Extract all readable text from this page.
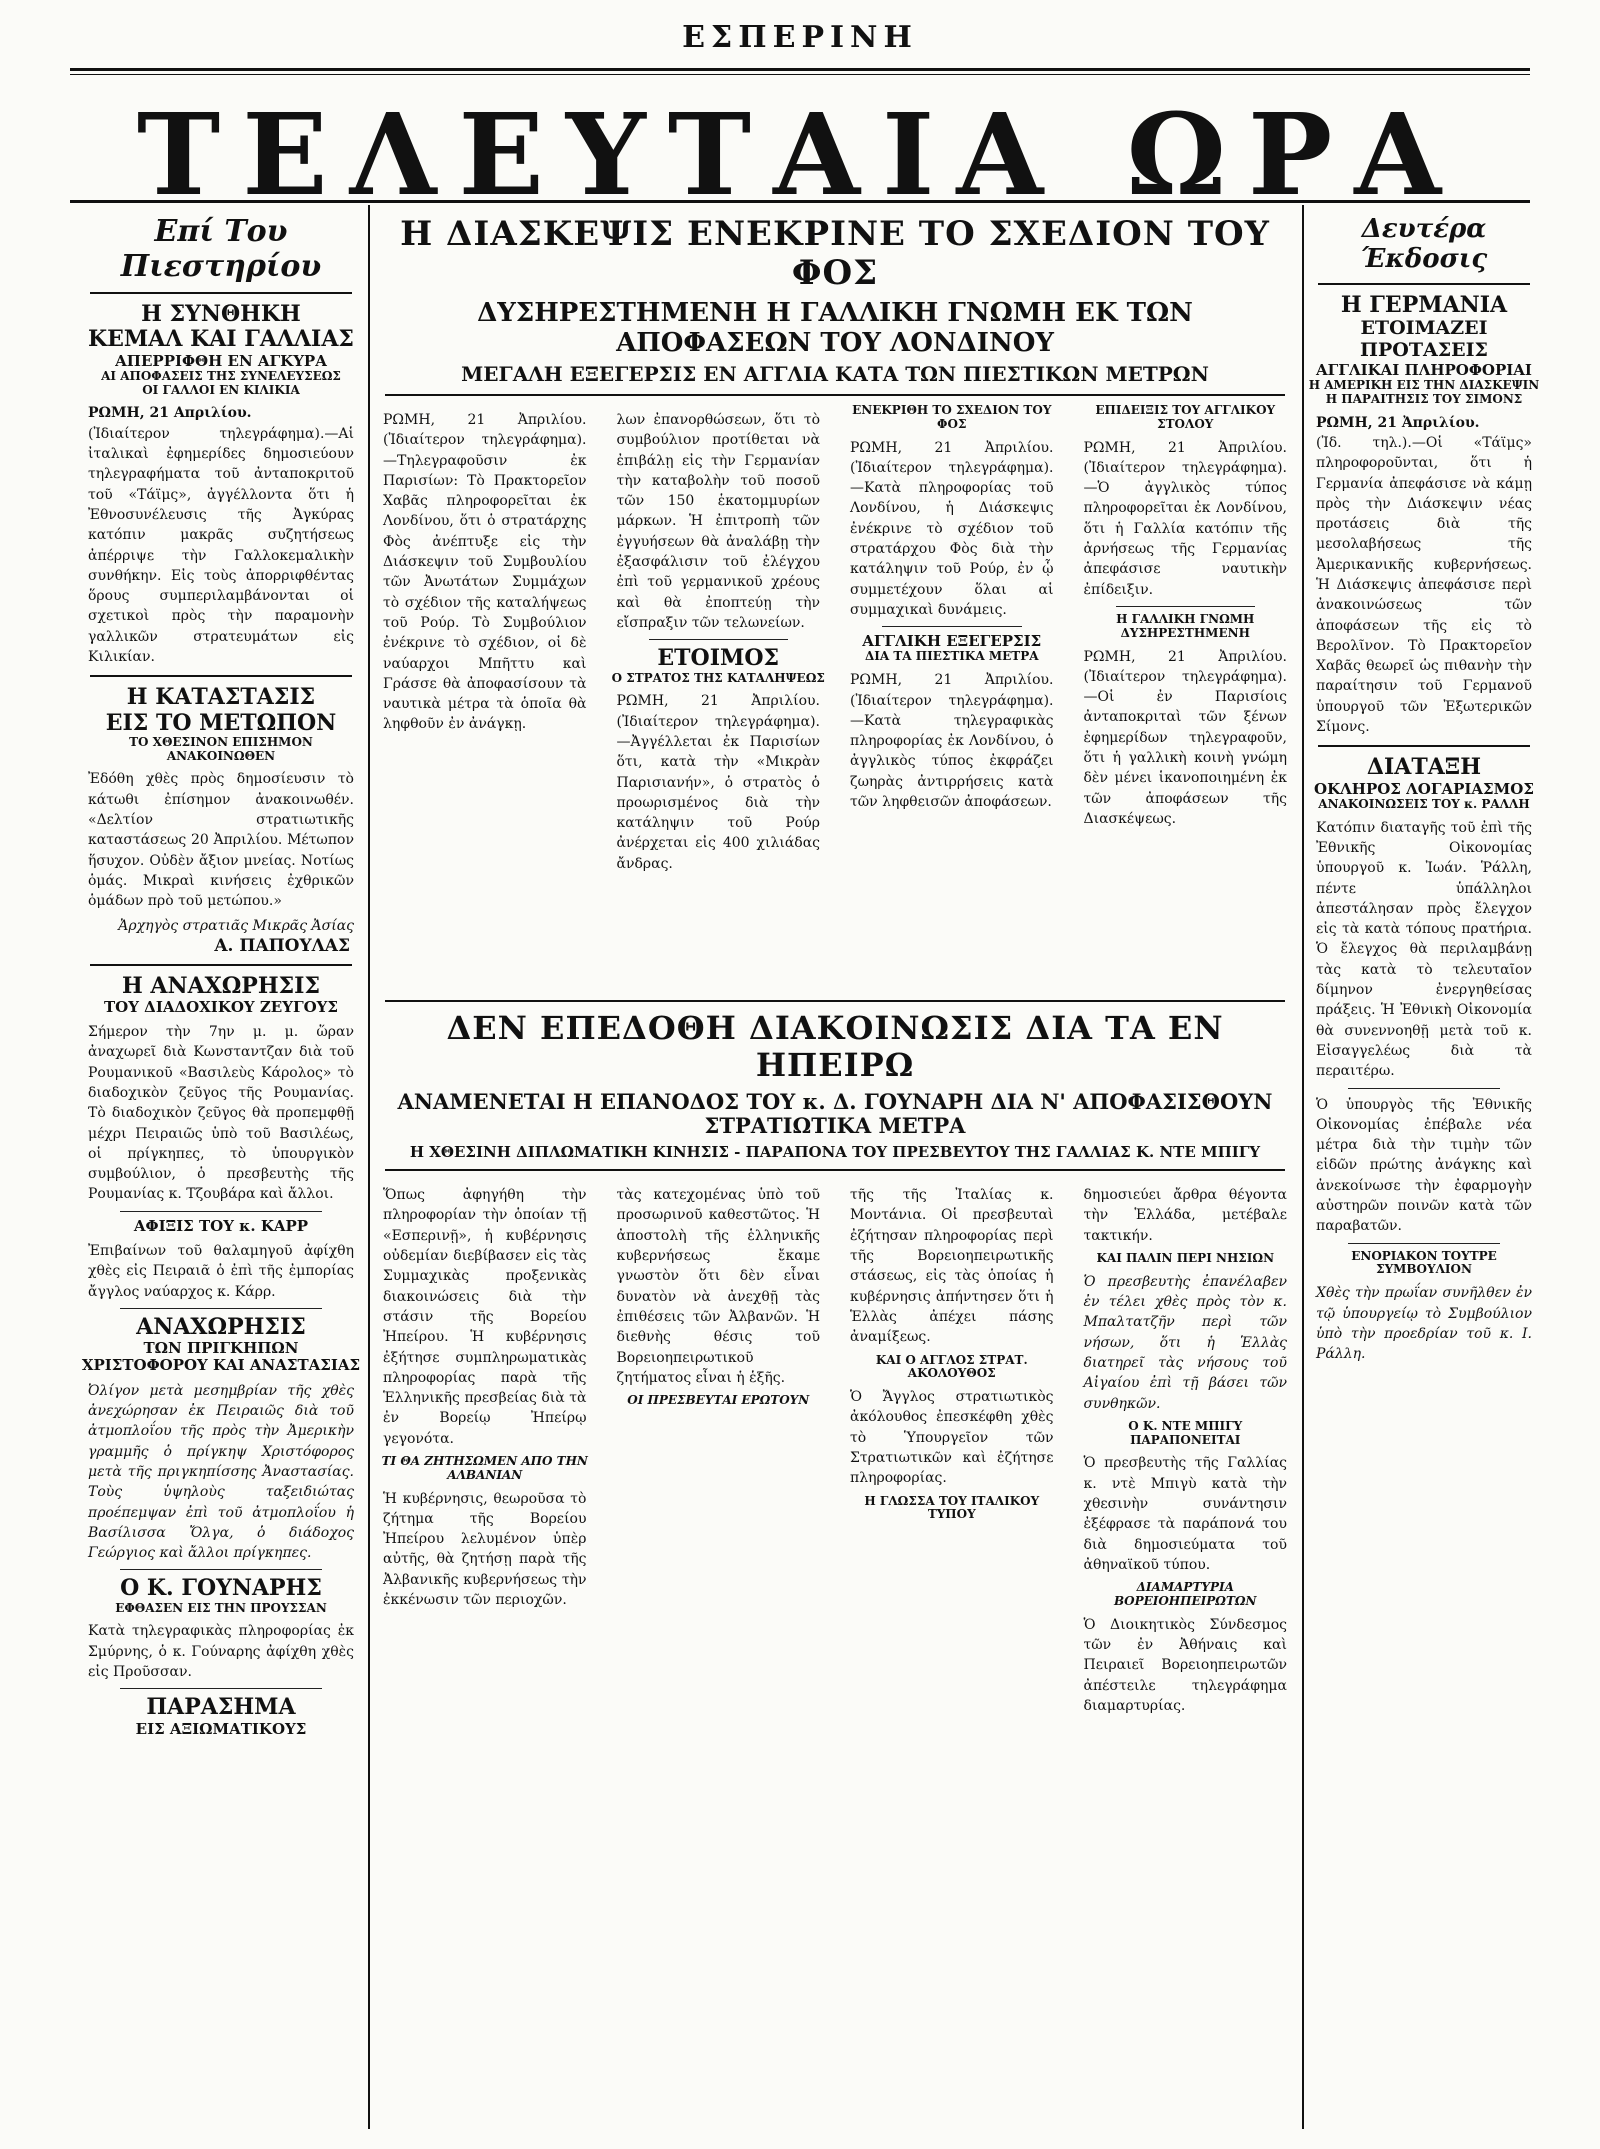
ΕΣΠΕΡΙΝΗ
ΤΕΛΕΥΤΑΙΑ ΩΡΑ

Επί Του Πιεστηρίου

Η ΣΥΝΘΗΚΗ

ΚΕΜΑΛ ΚΑΙ ΓΑΛΛΙΑΣ

ΑΠΕΡΡΙΦΘΗ ΕΝ ΑΓΚΥΡΑ

ΑΙ ΑΠΟΦΑΣΕΙΣ ΤΗΣ ΣΥΝΕΛΕΥΣΕΩΣ

ΟΙ ΓΑΛΛΟΙ ΕΝ ΚΙΛΙΚΙΑ

ΡΩΜΗ, 21 Απριλίου.

(Ἰδιαίτερον τηλεγράφημα).—Αἱ ἰταλικαὶ ἐφημερίδες δημοσιεύουν τηλεγραφήματα τοῦ ἀνταποκριτοῦ τοῦ «Τάϊμς», ἀγγέλλοντα ὅτι ἡ Ἐθνοσυνέλευσις τῆς Ἀγκύρας κατόπιν μακρᾶς συζητήσεως ἀπέρριψε τὴν Γαλλοκεμαλικὴν συνθήκην. Εἰς τοὺς ἀπορριφθέντας ὅρους συμπεριλαμβάνονται οἱ σχετικοὶ πρὸς τὴν παραμονὴν γαλλικῶν στρατευμάτων εἰς Κιλικίαν.

Η ΚΑΤΑΣΤΑΣΙΣ

ΕΙΣ ΤΟ ΜΕΤΩΠΟΝ

ΤΟ ΧΘΕΣΙΝΟΝ ΕΠΙΣΗΜΟΝ ΑΝΑΚΟΙΝΩΘΕΝ

Ἐδόθη χθὲς πρὸς δημοσίευσιν τὸ κάτωθι ἐπίσημον ἀνακοινωθέν. «Δελτίον στρατιωτικῆς καταστάσεως 20 Ἀπριλίου. Μέτωπον ἥσυχον. Οὐδὲν ἄξιον μνείας. Νοτίως ὁμάς. Μικραὶ κινήσεις ἐχθρικῶν ὁμάδων πρὸ τοῦ μετώπου.»

Ἀρχηγὸς στρατιᾶς Μικρᾶς Ἀσίας

Α. ΠΑΠΟΥΛΑΣ

Η ΑΝΑΧΩΡΗΣΙΣ

ΤΟΥ ΔΙΑΔΟΧΙΚΟΥ ΖΕΥΓΟΥΣ

Σήμερον τὴν 7ην μ. μ. ὥραν ἀναχωρεῖ διὰ Κωνσταντζαν διὰ τοῦ Ρουμανικοῦ «Βασιλεὺς Κάρολος» τὸ διαδοχικὸν ζεῦγος τῆς Ρουμανίας. Τὸ διαδοχικὸν ζεῦγος θὰ προπεμφθῇ μέχρι Πειραιῶς ὑπὸ τοῦ Βασιλέως, οἱ πρίγκηπες, τὸ ὑπουργικὸν συμβούλιον, ὁ πρεσβευτὴς τῆς Ρουμανίας κ. Τζουβάρα καὶ ἄλλοι.

ΑΦΙΞΙΣ ΤΟΥ κ. ΚΑΡΡ

Ἐπιβαίνων τοῦ θαλαμηγοῦ ἀφίχθη χθὲς εἰς Πειραιᾶ ὁ ἐπὶ τῆς ἐμπορίας ἄγγλος ναύαρχος κ. Κάρρ.

ΑΝΑΧΩΡΗΣΙΣ

ΤΩΝ ΠΡΙΓΚΗΠΩΝ ΧΡΙΣΤΟΦΟΡΟΥ ΚΑΙ ΑΝΑΣΤΑΣΙΑΣ

Ὀλίγον μετὰ μεσημβρίαν τῆς χθὲς ἀνεχώρησαν ἐκ Πειραιῶς διὰ τοῦ ἀτμοπλοΐου τῆς πρὸς τὴν Ἀμερικὴν γραμμῆς ὁ πρίγκηψ Χριστόφορος μετὰ τῆς πριγκηπίσσης Ἀναστασίας. Τοὺς ὑψηλοὺς ταξειδιώτας προέπεμψαν ἐπὶ τοῦ ἀτμοπλοΐου ἡ Βασίλισσα Ὄλγα, ὁ διάδοχος Γεώργιος καὶ ἄλλοι πρίγκηπες.

Ο Κ. ΓΟΥΝΑΡΗΣ

ΕΦΘΑΣΕΝ ΕΙΣ ΤΗΝ ΠΡΟΥΣΣΑΝ

Κατὰ τηλεγραφικὰς πληροφορίας ἐκ Σμύρνης, ὁ κ. Γούναρης ἀφίχθη χθὲς εἰς Προῦσσαν.

ΠΑΡΑΣΗΜΑ

ΕΙΣ ΑΞΙΩΜΑΤΙΚΟΥΣ

Η ΔΙΑΣΚΕΨΙΣ ΕΝΕΚΡΙΝΕ ΤΟ ΣΧΕΔΙΟΝ ΤΟΥ ΦΟΣ

ΔΥΣΗΡΕΣΤΗΜΕΝΗ Η ΓΑΛΛΙΚΗ ΓΝΩΜΗ ΕΚ ΤΩΝ ΑΠΟΦΑΣΕΩΝ ΤΟΥ ΛΟΝΔΙΝΟΥ

ΜΕΓΑΛΗ ΕΞΕΓΕΡΣΙΣ ΕΝ ΑΓΓΛΙΑ ΚΑΤΑ ΤΩΝ ΠΙΕΣΤΙΚΩΝ ΜΕΤΡΩΝ

ΡΩΜΗ, 21 Ἀπριλίου. (Ἰδιαίτερον τηλεγράφημα).—Τηλεγραφοῦσιν ἐκ Παρισίων: Τὸ Πρακτορεῖον Χαβᾶς πληροφορεῖται ἐκ Λονδίνου, ὅτι ὁ στρατάρχης Φὸς ἀνέπτυξε εἰς τὴν Διάσκεψιν τοῦ Συμβουλίου τῶν Ἀνωτάτων Συμμάχων τὸ σχέδιον τῆς καταλήψεως τοῦ Ρούρ. Τὸ Συμβούλιον ἐνέκρινε τὸ σχέδιον, οἱ δὲ ναύαρχοι Μπῆττυ καὶ Γράσσε θὰ ἀποφασίσουν τὰ ναυτικὰ μέτρα τὰ ὁποῖα θὰ ληφθοῦν ἐν ἀνάγκῃ.

λων ἐπανορθώσεων, ὅτι τὸ συμβούλιον προτίθεται νὰ ἐπιβάλῃ εἰς τὴν Γερμανίαν τὴν καταβολὴν τοῦ ποσοῦ τῶν 150 ἑκατομμυρίων μάρκων. Ἡ ἐπιτροπὴ τῶν ἐγγυήσεων θὰ ἀναλάβῃ τὴν ἐξασφάλισιν τοῦ ἐλέγχου ἐπὶ τοῦ γερμανικοῦ χρέους καὶ θὰ ἐποπτεύῃ τὴν εἴσπραξιν τῶν τελωνείων.

ΕΤΟΙΜΟΣ

Ο ΣΤΡΑΤΟΣ ΤΗΣ ΚΑΤΑΛΗΨΕΩΣ

ΡΩΜΗ, 21 Ἀπριλίου. (Ἰδιαίτερον τηλεγράφημα).—Ἀγγέλλεται ἐκ Παρισίων ὅτι, κατὰ τὴν «Μικρὰν Παρισιανήν», ὁ στρατὸς ὁ προωρισμένος διὰ τὴν κατάληψιν τοῦ Ρούρ ἀνέρχεται εἰς 400 χιλιάδας ἄνδρας.

ΕΝΕΚΡΙΘΗ ΤΟ ΣΧΕΔΙΟΝ ΤΟΥ ΦΟΣ

ΡΩΜΗ, 21 Ἀπριλίου. (Ἰδιαίτερον τηλεγράφημα).—Κατὰ πληροφορίας τοῦ Λονδίνου, ἡ Διάσκεψις ἐνέκρινε τὸ σχέδιον τοῦ στρατάρχου Φὸς διὰ τὴν κατάληψιν τοῦ Ρούρ, ἐν ᾧ συμμετέχουν ὅλαι αἱ συμμαχικαὶ δυνάμεις.

ΑΓΓΛΙΚΗ ΕΞΕΓΕΡΣΙΣ

ΔΙΑ ΤΑ ΠΙΕΣΤΙΚΑ ΜΕΤΡΑ

ΡΩΜΗ, 21 Ἀπριλίου. (Ἰδιαίτερον τηλεγράφημα).—Κατὰ τηλεγραφικὰς πληροφορίας ἐκ Λονδίνου, ὁ ἀγγλικὸς τύπος ἐκφράζει ζωηρὰς ἀντιρρήσεις κατὰ τῶν ληφθεισῶν ἀποφάσεων.

ΕΠΙΔΕΙΞΙΣ ΤΟΥ ΑΓΓΛΙΚΟΥ ΣΤΟΛΟΥ

ΡΩΜΗ, 21 Ἀπριλίου. (Ἰδιαίτερον τηλεγράφημα).—Ὁ ἀγγλικὸς τύπος πληροφορεῖται ἐκ Λονδίνου, ὅτι ἡ Γαλλία κατόπιν τῆς ἀρνήσεως τῆς Γερμανίας ἀπεφάσισε ναυτικὴν ἐπίδειξιν.

Η ΓΑΛΛΙΚΗ ΓΝΩΜΗ ΔΥΣΗΡΕΣΤΗΜΕΝΗ

ΡΩΜΗ, 21 Ἀπριλίου. (Ἰδιαίτερον τηλεγράφημα).—Οἱ ἐν Παρισίοις ἀνταποκριταὶ τῶν ξένων ἐφημερίδων τηλεγραφοῦν, ὅτι ἡ γαλλικὴ κοινὴ γνώμη δὲν μένει ἱκανοποιημένη ἐκ τῶν ἀποφάσεων τῆς Διασκέψεως.

ΔΕΝ ΕΠΕΔΟΘΗ ΔΙΑΚΟΙΝΩΣΙΣ ΔΙΑ ΤΑ ΕΝ ΗΠΕΙΡΩ

ΑΝΑΜΕΝΕΤΑΙ Η ΕΠΑΝΟΔΟΣ ΤΟΥ κ. Δ. ΓΟΥΝΑΡΗ ΔΙΑ Ν' ΑΠΟΦΑΣΙΣΘΟΥΝ ΣΤΡΑΤΙΩΤΙΚΑ ΜΕΤΡΑ

Η ΧΘΕΣΙΝΗ ΔΙΠΛΩΜΑΤΙΚΗ ΚΙΝΗΣΙΣ - ΠΑΡΑΠΟΝΑ ΤΟΥ ΠΡΕΣΒΕΥΤΟΥ ΤΗΣ ΓΑΛΛΙΑΣ Κ. ΝΤΕ ΜΠΙΓΥ

Ὅπως ἀφηγήθη τὴν πληροφορίαν τὴν ὁποίαν τῇ «Εσπερινῇ», ἡ κυβέρνησις οὐδεμίαν διεβίβασεν εἰς τὰς Συμμαχικὰς προξενικὰς διακοινώσεις διὰ τὴν στάσιν τῆς Βορείου Ἠπείρου. Ἡ κυβέρνησις ἐξήτησε συμπληρωματικὰς πληροφορίας παρὰ τῆς Ἑλληνικῆς πρεσβείας διὰ τὰ ἐν Βορείῳ Ἠπείρῳ γεγονότα.

ΤΙ ΘΑ ΖΗΤΗΣΩΜΕΝ ΑΠΟ ΤΗΝ ΑΛΒΑΝΙΑΝ

Ἡ κυβέρνησις, θεωροῦσα τὸ ζήτημα τῆς Βορείου Ἠπείρου λελυμένον ὑπὲρ αὐτῆς, θὰ ζητήσῃ παρὰ τῆς Ἀλβανικῆς κυβερνήσεως τὴν ἐκκένωσιν τῶν περιοχῶν.

τὰς κατεχομένας ὑπὸ τοῦ προσωρινοῦ καθεστῶτος. Ἡ ἀποστολὴ τῆς ἑλληνικῆς κυβερνήσεως ἔκαμε γνωστὸν ὅτι δὲν εἶναι δυνατὸν νὰ ἀνεχθῇ τὰς ἐπιθέσεις τῶν Ἀλβανῶν. Ἡ διεθνὴς θέσις τοῦ Βορειοηπειρωτικοῦ ζητήματος εἶναι ἡ ἑξῆς.

ΟΙ ΠΡΕΣΒΕΥΤΑΙ ΕΡΩΤΟΥΝ

τῆς τῆς Ἰταλίας κ. Μοντάνια. Οἱ πρεσβευταὶ ἐζήτησαν πληροφορίας περὶ τῆς Βορειοηπειρωτικῆς στάσεως, εἰς τὰς ὁποίας ἡ κυβέρνησις ἀπήντησεν ὅτι ἡ Ἑλλὰς ἀπέχει πάσης ἀναμίξεως.

ΚΑΙ Ο ΑΓΓΛΟΣ ΣΤΡΑΤ. ΑΚΟΛΟΥΘΟΣ

Ὁ Ἄγγλος στρατιωτικὸς ἀκόλουθος ἐπεσκέφθη χθὲς τὸ Ὑπουργεῖον τῶν Στρατιωτικῶν καὶ ἐζήτησε πληροφορίας.

Η ΓΛΩΣΣΑ ΤΟΥ ΙΤΑΛΙΚΟΥ ΤΥΠΟΥ

δημοσιεύει ἄρθρα θέγοντα τὴν Ἑλλάδα, μετέβαλε τακτικήν.

ΚΑΙ ΠΑΛΙΝ ΠΕΡΙ ΝΗΣΙΩΝ

Ὁ πρεσβευτὴς ἐπανέλαβεν ἐν τέλει χθὲς πρὸς τὸν κ. Μπαλτατζῆν περὶ τῶν νήσων, ὅτι ἡ Ἑλλὰς διατηρεῖ τὰς νήσους τοῦ Αἰγαίου ἐπὶ τῇ βάσει τῶν συνθηκῶν.

Ο Κ. ΝΤΕ ΜΠΙΓΥ ΠΑΡΑΠΟΝΕΙΤΑΙ

Ὁ πρεσβευτὴς τῆς Γαλλίας κ. ντὲ Μπιγὺ κατὰ τὴν χθεσινὴν συνάντησιν ἐξέφρασε τὰ παράπονά του διὰ δημοσιεύματα τοῦ ἀθηναϊκοῦ τύπου.

ΔΙΑΜΑΡΤΥΡΙΑ ΒΟΡΕΙΟΗΠΕΙΡΩΤΩΝ

Ὁ Διοικητικὸς Σύνδεσμος τῶν ἐν Ἀθήναις καὶ Πειραιεῖ Βορειοηπειρωτῶν ἀπέστειλε τηλεγράφημα διαμαρτυρίας.

Δευτέρα Έκδοσις

Η ΓΕΡΜΑΝΙΑ

ΕΤΟΙΜΑΖΕΙ ΠΡΟΤΑΣΕΙΣ

ΑΓΓΛΙΚΑΙ ΠΛΗΡΟΦΟΡΙΑΙ

Η ΑΜΕΡΙΚΗ ΕΙΣ ΤΗΝ ΔΙΑΣΚΕΨΙΝ

Η ΠΑΡΑΙΤΗΣΙΣ ΤΟΥ ΣΙΜΟΝΣ

ΡΩΜΗ, 21 Ἀπριλίου.

(Ἰδ. τηλ.).—Οἱ «Τάϊμς» πληροφοροῦνται, ὅτι ἡ Γερμανία ἀπεφάσισε νὰ κάμῃ πρὸς τὴν Διάσκεψιν νέας προτάσεις διὰ τῆς μεσολαβήσεως τῆς Ἀμερικανικῆς κυβερνήσεως. Ἡ Διάσκεψις ἀπεφάσισε περὶ ἀνακοινώσεως τῶν ἀποφάσεων τῆς εἰς τὸ Βερολῖνον. Τὸ Πρακτορεῖον Χαβᾶς θεωρεῖ ὡς πιθανὴν τὴν παραίτησιν τοῦ Γερμανοῦ ὑπουργοῦ τῶν Ἐξωτερικῶν Σίμονς.

ΔΙΑΤΑΞΗ

ΟΚΛΗΡΟΣ ΛΟΓΑΡΙΑΣΜΟΣ

ΑΝΑΚΟΙΝΩΣΕΙΣ ΤΟΥ κ. ΡΑΛΛΗ

Κατόπιν διαταγῆς τοῦ ἐπὶ τῆς Ἐθνικῆς Οἰκονομίας ὑπουργοῦ κ. Ἰωάν. Ῥάλλη, πέντε ὑπάλληλοι ἀπεστάλησαν πρὸς ἔλεγχον εἰς τὰ κατὰ τόπους πρατήρια. Ὁ ἔλεγχος θὰ περιλαμβάνῃ τὰς κατὰ τὸ τελευταῖον δίμηνον ἐνεργηθείσας πράξεις. Ἡ Ἐθνικὴ Οἰκονομία θὰ συνεννοηθῇ μετὰ τοῦ κ. Εἰσαγγελέως διὰ τὰ περαιτέρω.

Ὁ ὑπουργὸς τῆς Ἐθνικῆς Οἰκονομίας ἐπέβαλε νέα μέτρα διὰ τὴν τιμὴν τῶν εἰδῶν πρώτης ἀνάγκης καὶ ἀνεκοίνωσε τὴν ἐφαρμογὴν αὐστηρῶν ποινῶν κατὰ τῶν παραβατῶν.

ΕΝΟΡΙΑΚΟΝ ΤΟΥΤΡΕ ΣΥΜΒΟΥΛΙΟΝ

Χθὲς τὴν πρωΐαν συνῆλθεν ἐν τῷ ὑπουργείῳ τὸ Συμβούλιον ὑπὸ τὴν προεδρίαν τοῦ κ. Ι. Ράλλη.
